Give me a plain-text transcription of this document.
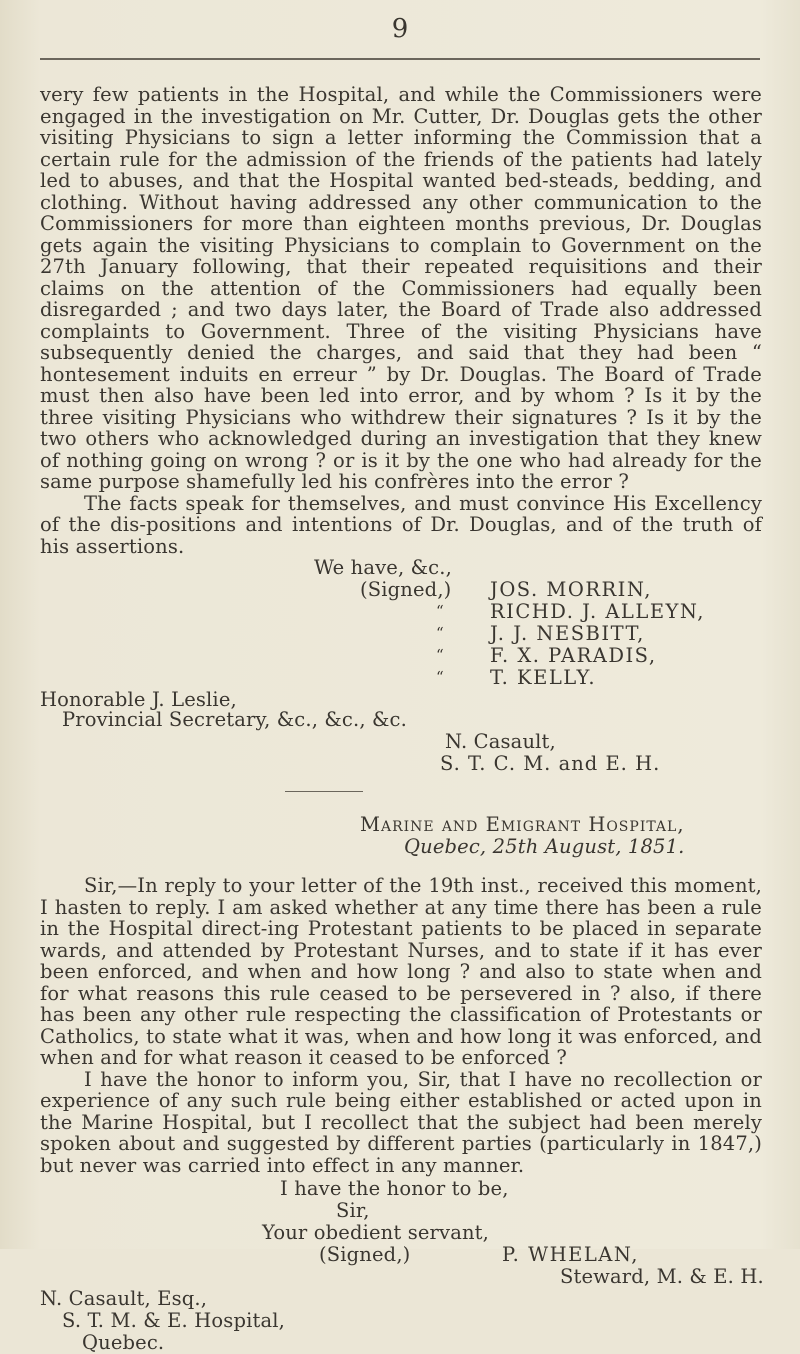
9

very few patients in the Hospital, and while the Commissioners were engaged in the investigation on Mr. Cutter, Dr. Douglas gets the other visiting Physicians to sign a letter informing the Commission that a certain rule for the admission of the friends of the patients had lately led to abuses, and that the Hospital wanted bed-steads, bedding, and clothing. Without having addressed any other communication to the Commissioners for more than eighteen months previous, Dr. Douglas gets again the visiting Physicians to complain to Government on the 27th January following, that their repeated requisitions and their claims on the attention of the Commissioners had equally been disregarded ; and two days later, the Board of Trade also addressed complaints to Government. Three of the visiting Physicians have subsequently denied the charges, and said that they had been “ hontesement induits en erreur ” by Dr. Douglas. The Board of Trade must then also have been led into error, and by whom ? Is it by the three visiting Physicians who withdrew their signatures ? Is it by the two others who acknowledged during an investigation that they knew of nothing going on wrong ? or is it by the one who had already for the same purpose shamefully led his confrères into the error ?

The facts speak for themselves, and must convince His Excellency of the dis-positions and intentions of Dr. Douglas, and of the truth of his assertions.

We have, &c.,
(Signed,) JOS. MORRIN,
“ RICHD. J. ALLEYN,
“ J. J. NESBITT,
“ F. X. PARADIS,
“ T. KELLY.
Honorable J. Leslie,
Provincial Secretary, &c., &c., &c.
N. Casault,
S. T. C. M. and E. H.
Marine and Emigrant Hospital,
Quebec, 25th August, 1851.

Sir,—In reply to your letter of the 19th inst., received this moment, I hasten to reply. I am asked whether at any time there has been a rule in the Hospital direct-ing Protestant patients to be placed in separate wards, and attended by Protestant Nurses, and to state if it has ever been enforced, and when and how long ? and also to state when and for what reasons this rule ceased to be persevered in ? also, if there has been any other rule respecting the classification of Protestants or Catholics, to state what it was, when and how long it was enforced, and when and for what reason it ceased to be enforced ?

I have the honor to inform you, Sir, that I have no recollection or experience of any such rule being either established or acted upon in the Marine Hospital, but I recollect that the subject had been merely spoken about and suggested by different parties (particularly in 1847,) but never was carried into effect in any manner.

I have the honor to be,
Sir,
Your obedient servant,
(Signed,)	P. WHELAN,
Steward, M. & E. H.
N. Casault, Esq.,
S. T. M. & E. Hospital,
Quebec.
